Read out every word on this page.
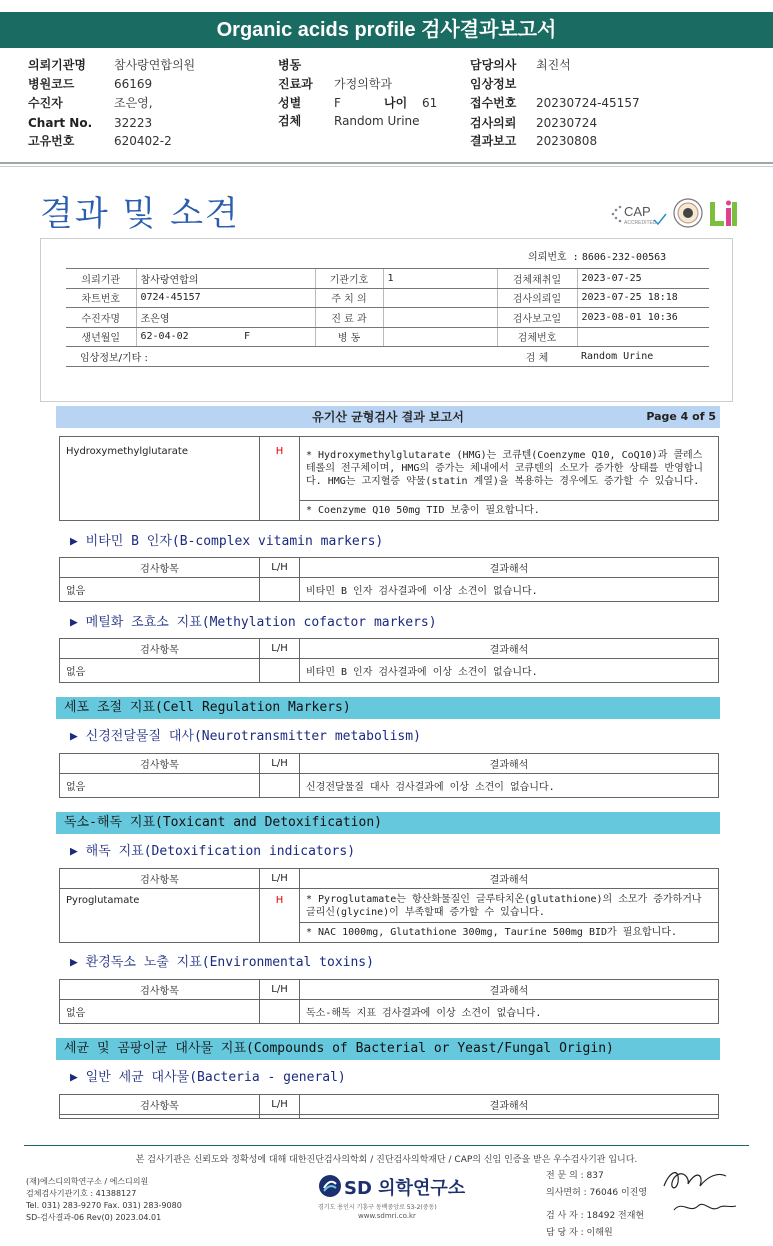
Organic acids profile 검사결과보고서
의뢰기관명 참사랑연합의원
병원코드	66169
수진자	조은영,
Chart No. 32223
고유번호	620402-2
병동
진료과 가정의학과
성별	F	나이 61
검체	Random Urine
담당의사 최진석
임상정보
접수번호 20230724-45157
검사의뢰 20230724
결과보고 20230808
결과 및 소견	CAP
ACCREDITED
의뢰번호 : 8606-232-00563
의뢰기관	참사랑연합의		기관기호	1	검체채취일	2023-07-25
차트번호	0724-45157		주 치 의		검사의뢰일	2023-07-25 18:18
수진자명	조은영		진 료 과		검사보고일	2023-08-01 10:36
생년월일	62-04-02	F	병 동		검체번호	
임상정보/기타 :					검 체	Random Urine
유기산 균형검사 결과 보고서	Page 4 of 5
Hydroxymethylglutarate	H	* Hydroxymethylglutarate (HMG)는 코큐텐(Coenzyme Q10, CoQ10)과 콜레스테롤의 전구체이며, HMG의 증가는 체내에서 코큐텐의 소모가 증가한 상태를 반영합니다. HMG는 고지혈증 약물(statin 계열)을 복용하는 경우에도 증가할 수 있습니다.
* Coenzyme Q10 50mg TID 보충이 필요합니다.
▶ 비타민 B 인자(B-complex vitamin markers)
검사항목	L/H	결과해석
없음		비타민 B 인자 검사결과에 이상 소견이 없습니다.
▶ 메틸화 조효소 지표(Methylation cofactor markers)
검사항목	L/H	결과해석
없음		비타민 B 인자 검사결과에 이상 소견이 없습니다.
세포 조절 지표(Cell Regulation Markers)
▶ 신경전달물질 대사(Neurotransmitter metabolism)
검사항목	L/H	결과해석
없음		신경전달물질 대사 검사결과에 이상 소견이 없습니다.
독소-해독 지표(Toxicant and Detoxification)
▶ 해독 지표(Detoxification indicators)
검사항목	L/H	결과해석
Pyroglutamate	H	* Pyroglutamate는 항산화물질인 글루타치온(glutathione)의 소모가 증가하거나 글리신(glycine)이 부족할때 증가할 수 있습니다.
		* NAC 1000mg, Glutathione 300mg, Taurine 500mg BID가 필요합니다.
▶ 환경독소 노출 지표(Environmental toxins)
검사항목	L/H	결과해석
없음		독소-해독 지표 검사결과에 이상 소견이 없습니다.
세균 및 곰팡이균 대사물 지표(Compounds of Bacterial or Yeast/Fungal Origin)
▶ 일반 세균 대사물(Bacteria - general)
검사항목	L/H	결과해석

본 검사기관은 신뢰도와 정확성에 대해 대한진단검사의학회 / 진단검사의학재단 / CAP의 신임 인증을 받은 우수검사기관 입니다.
(재)에스디의학연구소 / 에스디의원
검체검사기관기호 : 41388127
Tel. 031) 283-9270 Fax. 031) 283-9080
SD-검사결과-06 Rev(0) 2023.04.01
SD 의학연구소
경기도 용인시 기흥구 동백중앙로 53-2(중동)
www.sdmri.co.kr
전 문 의 : 837
의사면허 : 76046 이진영
검 사 자 : 18492 전재현
담 당 자 : 이해원
